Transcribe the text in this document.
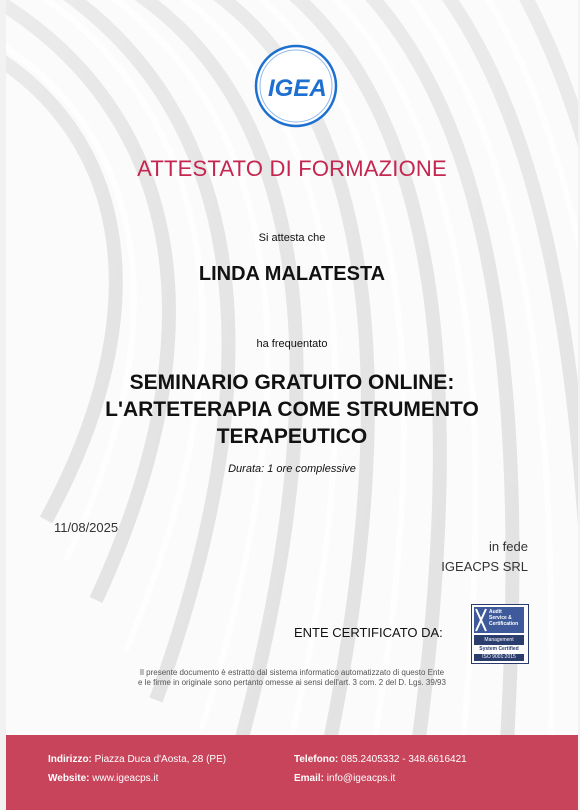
IGEA
ATTESTATO DI FORMAZIONE
Si attesta che
LINDA MALATESTA
ha frequentato
SEMINARIO GRATUITO ONLINE:
L'ARTETERAPIA COME STRUMENTO
TERAPEUTICO
Durata: 1 ore complessive
11/08/2025
in fede
IGEACPS SRL
ENTE CERTIFICATO DA:
Audit
Service &
Certification
Management
System Certified
ISO 9001:2015
Il presente documento è estratto dal sistema informatico automatizzato di questo Ente
e le firme in originale sono pertanto omesse ai sensi dell'art. 3 com. 2 del D. Lgs. 39/93
Indirizzo: Piazza Duca d'Aosta, 28 (PE)	Telefono: 085.2405332 - 348.6616421
Website: www.igeacps.it	Email: info@igeacps.it
